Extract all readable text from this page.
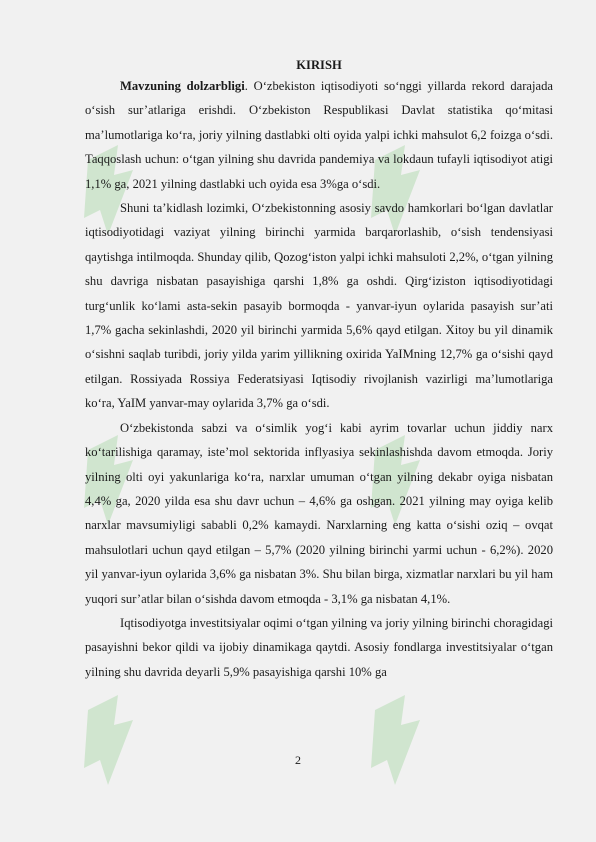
KIRISH

Mavzuning dolzarbligi. O‘zbekiston iqtisodiyoti so‘nggi yillarda rekord darajada o‘sish sur’atlariga erishdi. O‘zbekiston Respublikasi Davlat statistika qo‘mitasi ma’lumotlariga ko‘ra, joriy yilning dastlabki olti oyida yalpi ichki mahsulot 6,2 foizga o‘sdi. Taqqoslash uchun: o‘tgan yilning shu davrida pandemiya va lokdaun tufayli iqtisodiyot atigi 1,1% ga, 2021 yilning dastlabki uch oyida esa 3%ga o‘sdi.

Shuni ta’kidlash lozimki, O‘zbekistonning asosiy savdo hamkorlari bo‘lgan davlatlar iqtisodiyotidagi vaziyat yilning birinchi yarmida barqarorlashib, o‘sish tendensiyasi qaytishga intilmoqda. Shunday qilib, Qozog‘iston yalpi ichki mahsuloti 2,2%, o‘tgan yilning shu davriga nisbatan pasayishiga qarshi 1,8% ga oshdi. Qirg‘iziston iqtisodiyotidagi turg‘unlik ko‘lami asta-sekin pasayib bormoqda - yanvar-iyun oylarida pasayish sur’ati 1,7% gacha sekinlashdi, 2020 yil birinchi yarmida 5,6% qayd etilgan. Xitoy bu yil dinamik o‘sishni saqlab turibdi, joriy yilda yarim yillikning oxirida YaIMning 12,7% ga o‘sishi qayd etilgan. Rossiyada Rossiya Federatsiyasi Iqtisodiy rivojlanish vazirligi ma’lumotlariga ko‘ra, YaIM yanvar-may oylarida 3,7% ga o‘sdi.

O‘zbekistonda sabzi va o‘simlik yog‘i kabi ayrim tovarlar uchun jiddiy narx ko‘tarilishiga qaramay, iste’mol sektorida inflyasiya sekinlashishda davom etmoqda. Joriy yilning olti oyi yakunlariga ko‘ra, narxlar umuman o‘tgan yilning dekabr oyiga nisbatan 4,4% ga, 2020 yilda esa shu davr uchun – 4,6% ga oshgan. 2021 yilning may oyiga kelib narxlar mavsumiyligi sababli 0,2% kamaydi. Narxlarning eng katta o‘sishi oziq – ovqat mahsulotlari uchun qayd etilgan – 5,7% (2020 yilning birinchi yarmi uchun - 6,2%). 2020 yil yanvar-iyun oylarida 3,6% ga nisbatan 3%. Shu bilan birga, xizmatlar narxlari bu yil ham yuqori sur’atlar bilan o‘sishda davom etmoqda - 3,1% ga nisbatan 4,1%.

Iqtisodiyotga investitsiyalar oqimi o‘tgan yilning va joriy yilning birinchi choragidagi pasayishni bekor qildi va ijobiy dinamikaga qaytdi. Asosiy fondlarga investitsiyalar o‘tgan yilning shu davrida deyarli 5,9% pasayishiga qarshi 10% ga

2
